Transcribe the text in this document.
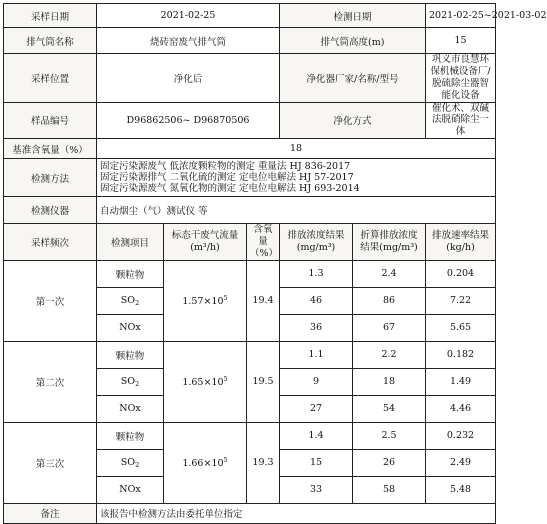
采样日期	2021-02-25			检测日期		2021-02-25~2021-03-02
排气筒名称	烧砖窑废气排气筒			排气筒高度(m)		15
采样位置	净化后			净化器厂家/名称/型号		巩义市良慧环保机械设备厂/脱硫除尘器智能化设备
样品编号	D96862506~ D96870506			净化方式		催化术、双碱法脱硝除尘一体
基准含氧量（%）	18					
检测方法	固定污染源废气 低浓度颗粒物的测定 重量法 HJ 836-2017
固定污染源排气 二氧化硫的测定 定电位电解法 HJ 57-2017
固定污染源废气 氮氧化物的测定 定电位电解法 HJ 693-2014					

检测仪器	自动烟尘（气）测试仪 等					
采样频次	检测项目	标态干废气流量(m³/h)	含氧量（%）	排放浓度结果(mg/m³)	折算排放浓度结果(mg/m³)	排放速率结果(kg/h)
第一次	颗粒物	$1.57\times 10^5$	19.4	1.3	2.4	0.204
	$SO_2$			46	86	7.22
	NOx			36	67	5.65
第二次	颗粒物	$1.65\times 10^5$	19.5	1.1	2.2	0.182
	$SO_2$			9	18	1.49
	NOx			27	54	4.46
第三次	颗粒物	$1.66\times 10^5$	19.3	1.4	2.5	0.232
	$SO_2$			15	26	2.49
	NOx			33	58	5.48
备注	该报告中检测方法由委托单位指定					
